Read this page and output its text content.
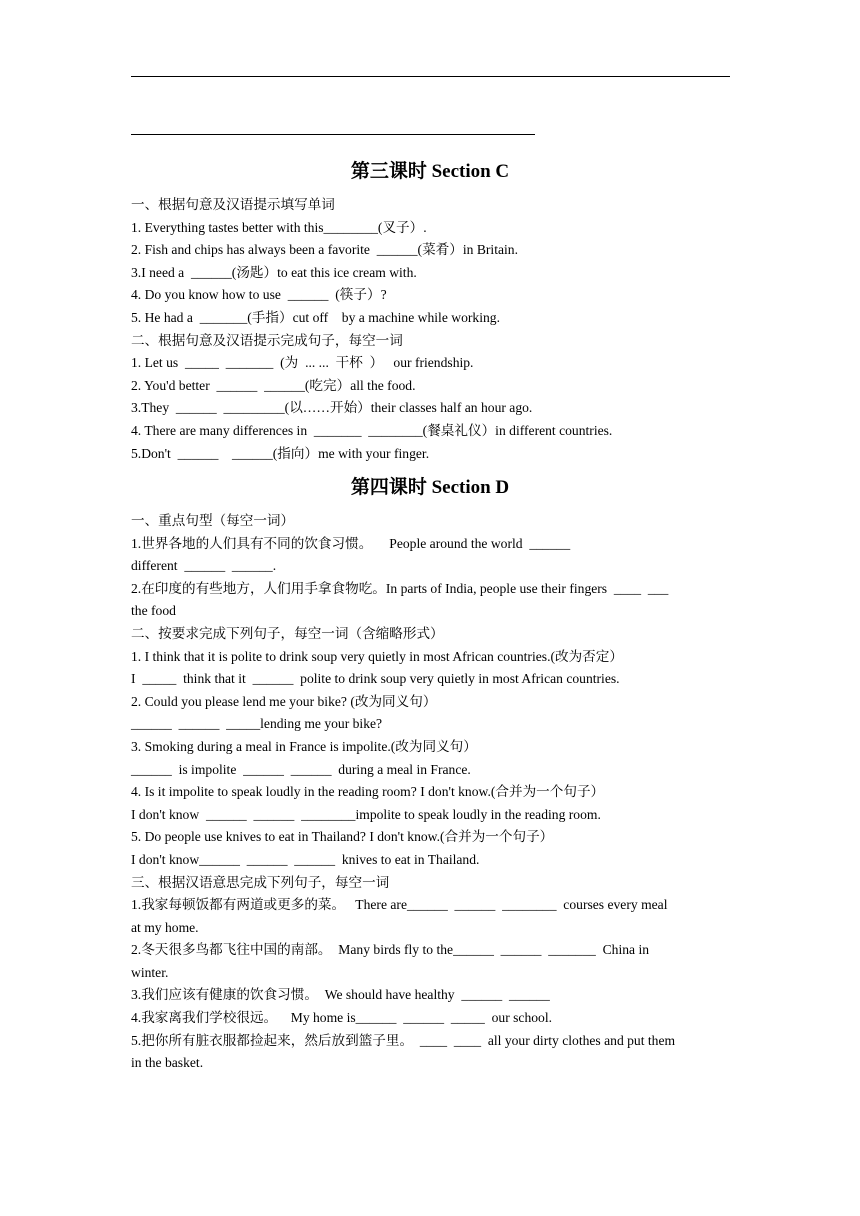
第三课时 Section C
一、根据句意及汉语提示填写单词
1. Everything tastes better with this________(叉子）.
2. Fish and chips has always been a favorite  ______(菜肴）in Britain.
3.I need a  ______(汤匙）to eat this ice cream with.
4. Do you know how to use  ______  (筷子）?
5. He had a  _______(手指）cut off    by a machine while working.
二、根据句意及汉语提示完成句子，每空一词
1. Let us  _____  _______  (为  ... ...  干杯  ）   our friendship.
2. You'd better  ______  ______(吃完）all the food.
3.They  ______  _________(以……开始）their classes half an hour ago.
4. There are many differences in  _______  ________(餐桌礼仪）in different countries.
5.Don't  ______    ______(指向）me with your finger.
第四课时 Section D
一、重点句型（每空一词）
1.世界各地的人们具有不同的饮食习惯。     People around the world  ______
different  ______  ______.
2.在印度的有些地方，人们用手拿食物吃。In parts of India, people use their fingers  ____  ___
the food
二、按要求完成下列句子，每空一词（含缩略形式）
1. I think that it is polite to drink soup very quietly in most African countries.(改为否定）
I  _____  think that it  ______  polite to drink soup very quietly in most African countries.
2. Could you please lend me your bike? (改为同义句）
______  ______  _____lending me your bike?
3. Smoking during a meal in France is impolite.(改为同义句）
______  is impolite  ______  ______  during a meal in France.
4. Is it impolite to speak loudly in the reading room? I don't know.(合并为一个句子）
I don't know  ______  ______  ________impolite to speak loudly in the reading room.
5. Do people use knives to eat in Thailand? I don't know.(合并为一个句子）
I don't know______  ______  ______  knives to eat in Thailand.
三、根据汉语意思完成下列句子，每空一词
1.我家每顿饭都有两道或更多的菜。   There are______  ______  ________  courses every meal
at my home.
2.冬天很多鸟都飞往中国的南部。  Many birds fly to the______  ______  _______  China in
winter.
3.我们应该有健康的饮食习惯。  We should have healthy  ______  ______
4.我家离我们学校很远。    My home is______  ______  _____  our school.
5.把你所有脏衣服都捡起来，然后放到篮子里。  ____  ____  all your dirty clothes and put them
in the basket.
